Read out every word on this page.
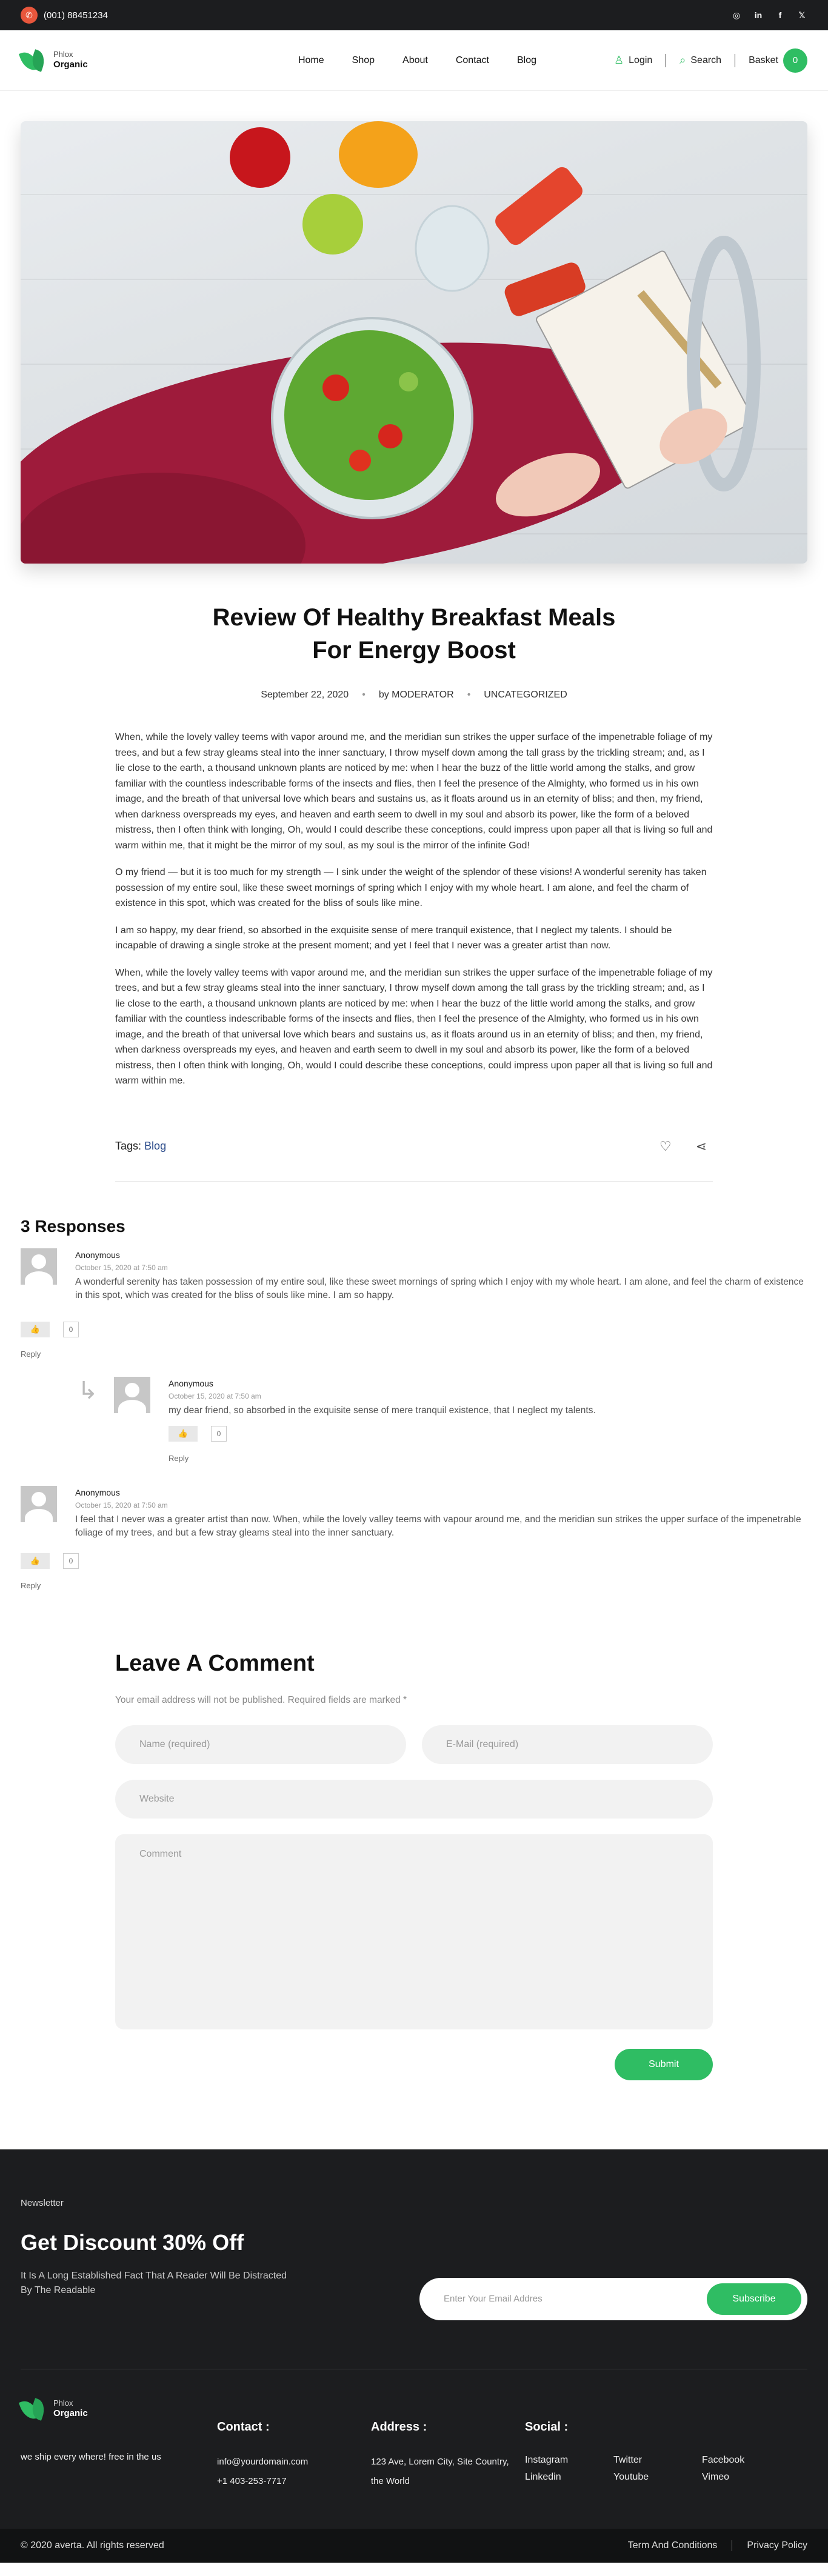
✆	(001) 88451234	◎ in	f	𝕏
Phlox
Organic	Home	Shop	About	Contact	Blog	♙ Login	⌕ Search	Basket	0
Review Of Healthy Breakfast Meals
For Energy Boost
September 22, 2020 • by MODERATOR • UNCATEGORIZED

When, while the lovely valley teems with vapor around me, and the meridian sun strikes the upper surface of the impenetrable foliage of my trees, and but a few stray gleams steal into the inner sanctuary, I throw myself down among the tall grass by the trickling stream; and, as I lie close to the earth, a thousand unknown plants are noticed by me: when I hear the buzz of the little world among the stalks, and grow familiar with the countless indescribable forms of the insects and flies, then I feel the presence of the Almighty, who formed us in his own image, and the breath of that universal love which bears and sustains us, as it floats around us in an eternity of bliss; and then, my friend, when darkness overspreads my eyes, and heaven and earth seem to dwell in my soul and absorb its power, like the form of a beloved mistress, then I often think with longing, Oh, would I could describe these conceptions, could impress upon paper all that is living so full and warm within me, that it might be the mirror of my soul, as my soul is the mirror of the infinite God!

O my friend — but it is too much for my strength — I sink under the weight of the splendor of these visions! A wonderful serenity has taken possession of my entire soul, like these sweet mornings of spring which I enjoy with my whole heart. I am alone, and feel the charm of existence in this spot, which was created for the bliss of souls like mine.

I am so happy, my dear friend, so absorbed in the exquisite sense of mere tranquil existence, that I neglect my talents. I should be incapable of drawing a single stroke at the present moment; and yet I feel that I never was a greater artist than now.

When, while the lovely valley teems with vapor around me, and the meridian sun strikes the upper surface of the impenetrable foliage of my trees, and but a few stray gleams steal into the inner sanctuary, I throw myself down among the tall grass by the trickling stream; and, as I lie close to the earth, a thousand unknown plants are noticed by me: when I hear the buzz of the little world among the stalks, and grow familiar with the countless indescribable forms of the insects and flies, then I feel the presence of the Almighty, who formed us in his own image, and the breath of that universal love which bears and sustains us, as it floats around us in an eternity of bliss; and then, my friend, when darkness overspreads my eyes, and heaven and earth seem to dwell in my soul and absorb its power, like the form of a beloved mistress, then I often think with longing, Oh, would I could describe these conceptions, could impress upon paper all that is living so full and warm within me.

Tags: Blog	♡ ⋖
3 Responses
Anonymous
October 15, 2020 at 7:50 am
A wonderful serenity has taken possession of my entire soul, like these sweet mornings of spring which I enjoy with my whole heart. I am alone, and feel the charm of existence in this spot, which was created for the bliss of souls like mine. I am so happy.
👍	0
Reply
↳	Anonymous
October 15, 2020 at 7:50 am
my dear friend, so absorbed in the exquisite sense of mere tranquil existence, that I neglect my talents.
👍	0
Reply
Anonymous
October 15, 2020 at 7:50 am
I feel that I never was a greater artist than now. When, while the lovely valley teems with vapour around me, and the meridian sun strikes the upper surface of the impenetrable foliage of my trees, and but a few stray gleams steal into the inner sanctuary.
👍	0
Reply
Leave A Comment
Your email address will not be published. Required fields are marked *
Name (required)	E-Mail (required)
Website
Comment
Submit
Newsletter
Get Discount 30% Off
It Is A Long Established Fact That A Reader Will Be Distracted By The Readable
Enter Your Email Addres	Subscribe
Phlox
Organic
we ship every where! free in the us
Contact :
info@yourdomain.com
+1 403-253-7717
Address :
123 Ave, Lorem City, Site Country,
the World
Social :
Instagram	Twitter	Facebook
Linkedin	Youtube	Vimeo
© 2020 averta. All rights reserved	Term And Conditions	Privacy Policy
